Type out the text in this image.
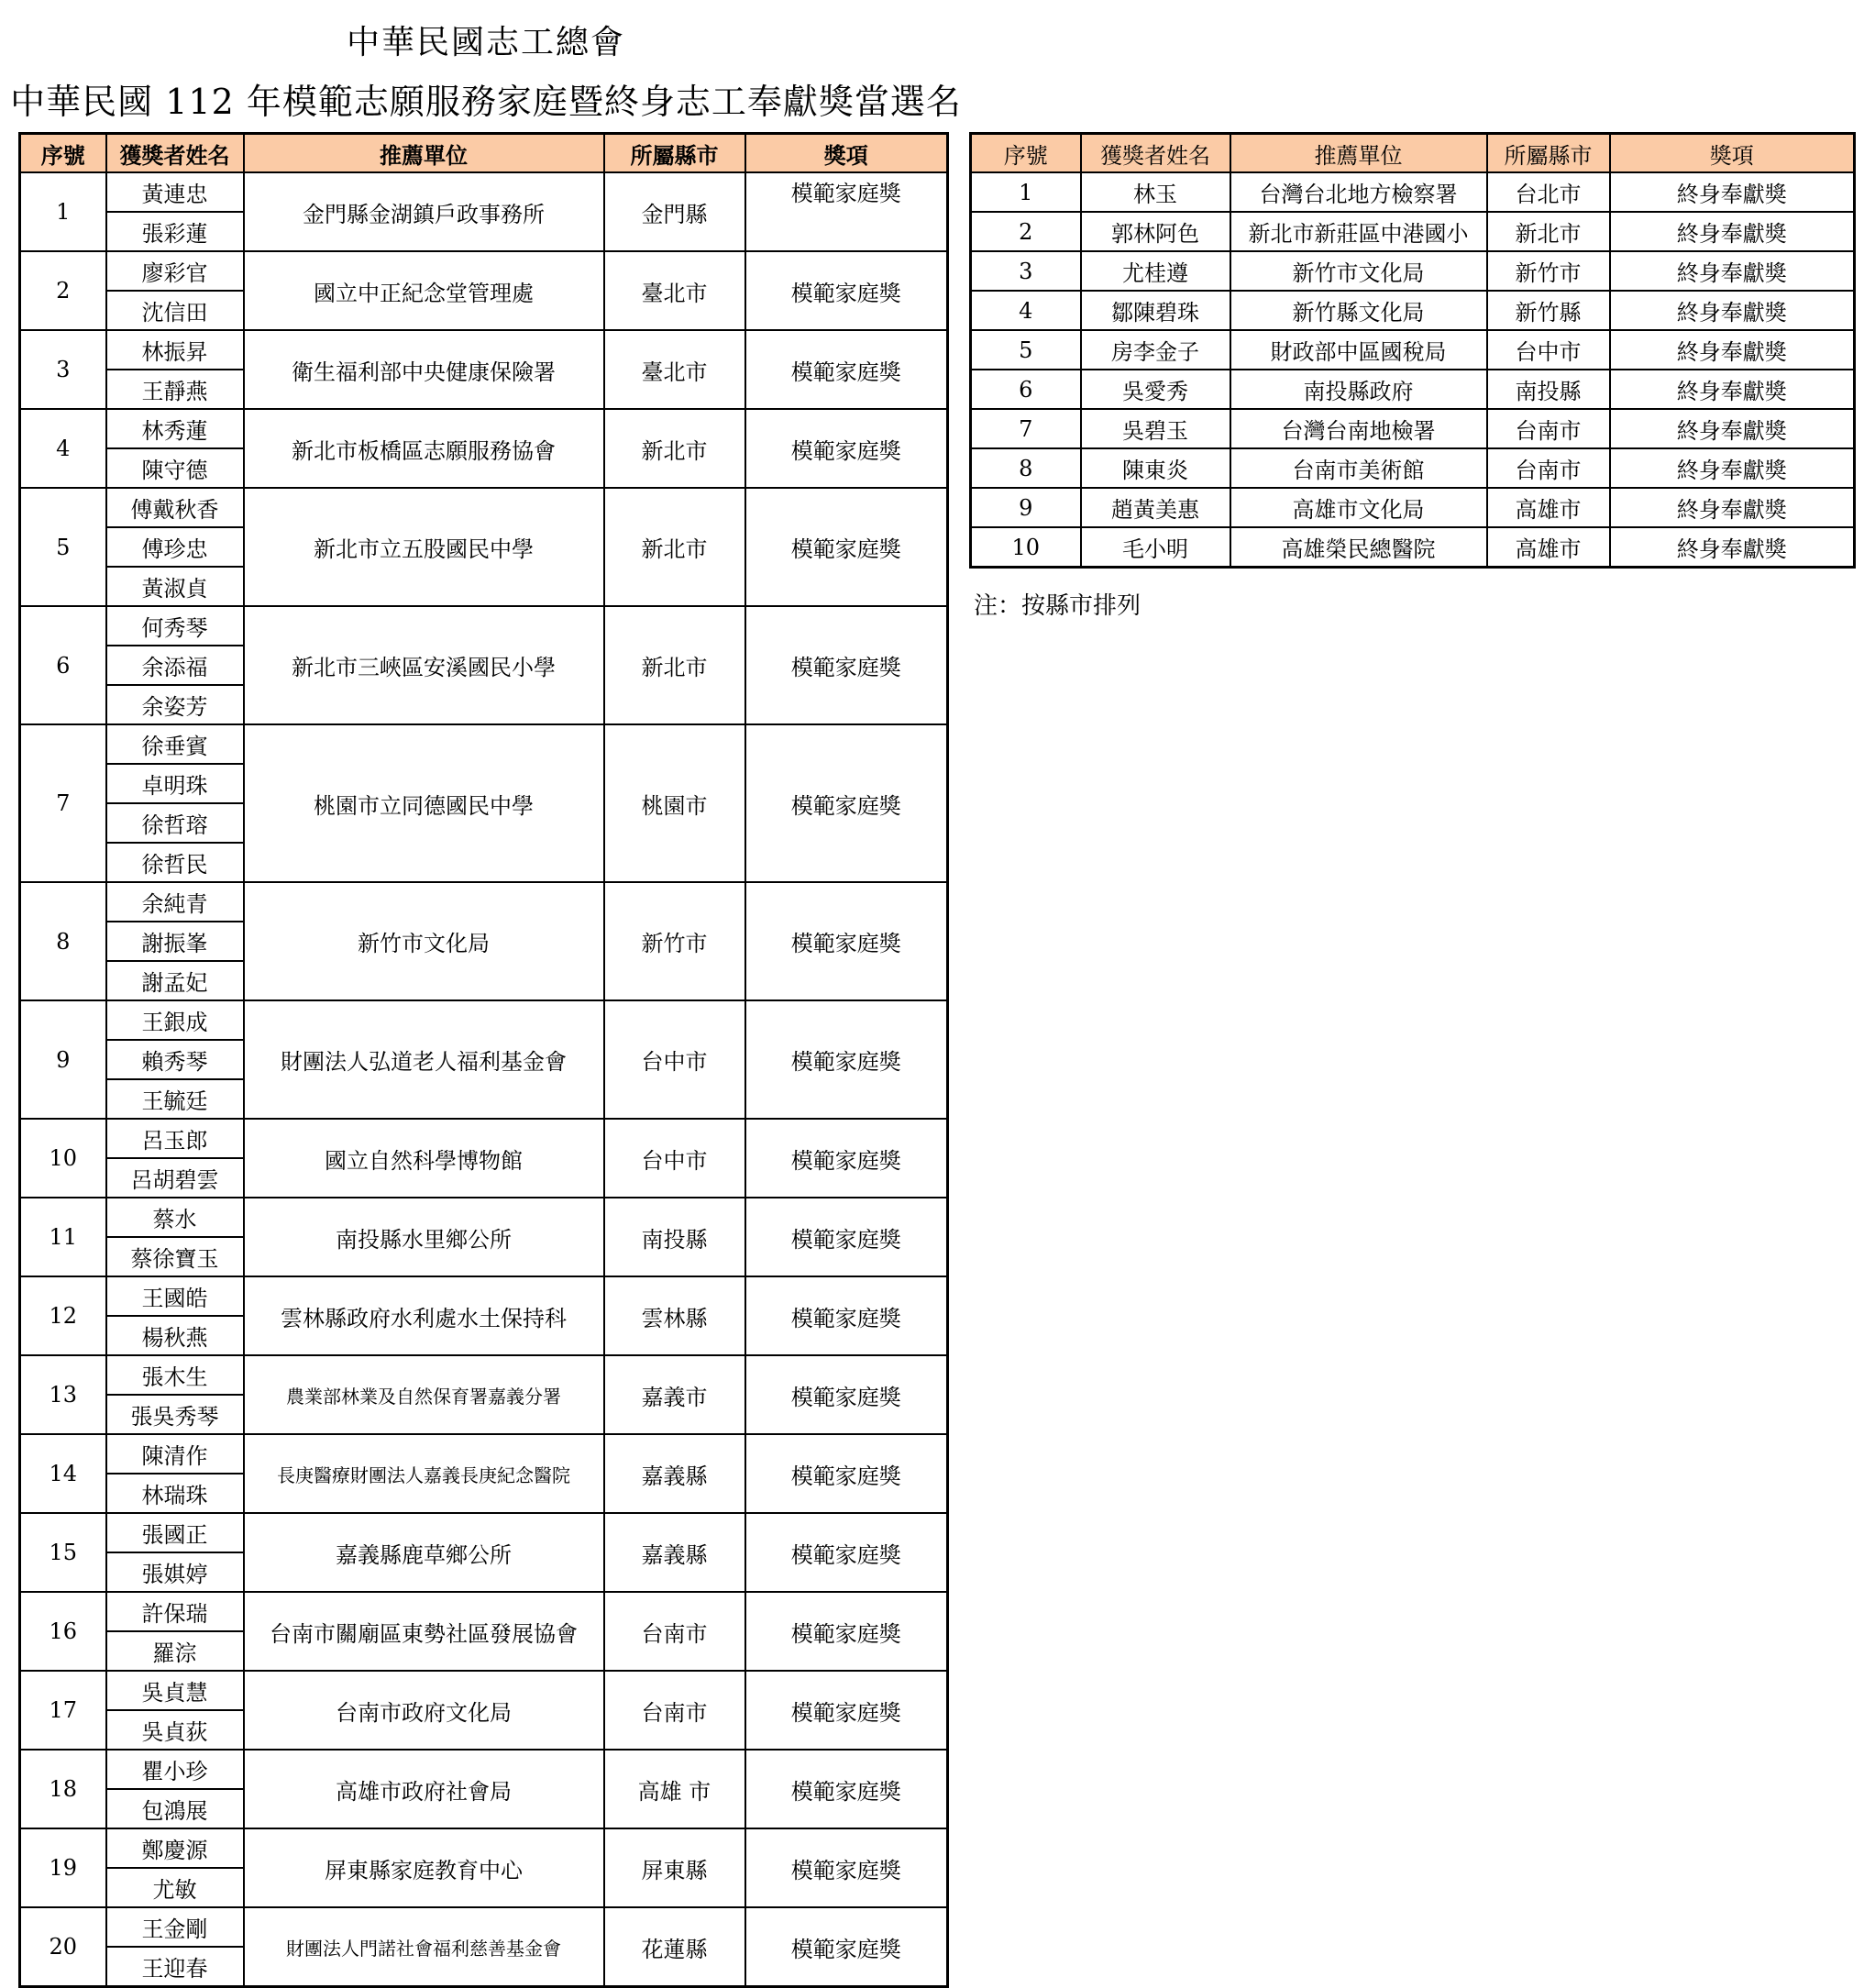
中華民國志工總會
中華民國 112 年模範志願服務家庭暨終身志工奉獻獎當選名
序號	獲獎者姓名	推薦單位	所屬縣市	獎項
1	黃連忠	金門縣金湖鎮戶政事務所	金門縣	模範家庭獎
	張彩蓮			
2	廖彩官	國立中正紀念堂管理處	臺北市	模範家庭獎
	沈信田			
3	林振昇	衛生福利部中央健康保險署	臺北市	模範家庭獎
	王靜燕			
4	林秀蓮	新北市板橋區志願服務協會	新北市	模範家庭獎
	陳守德			
5	傅戴秋香	新北市立五股國民中學	新北市	模範家庭獎
	傅珍忠			
	黃淑貞			
6	何秀琴	新北市三峽區安溪國民小學	新北市	模範家庭獎
	余添福			
	余姿芳			
7	徐垂賓	桃園市立同德國民中學	桃園市	模範家庭獎
	卓明珠			
	徐哲瑢			
	徐哲民			
8	余純青	新竹市文化局	新竹市	模範家庭獎
	謝振峯			
	謝孟妃			
9	王銀成	財團法人弘道老人福利基金會	台中市	模範家庭獎
	賴秀琴			
	王毓廷			
10	呂玉郎	國立自然科學博物館	台中市	模範家庭獎
	呂胡碧雲			
11	蔡水	南投縣水里鄉公所	南投縣	模範家庭獎
	蔡徐寶玉			
12	王國皓	雲林縣政府水利處水土保持科	雲林縣	模範家庭獎
	楊秋燕			
13	張木生	農業部林業及自然保育署嘉義分署	嘉義市	模範家庭獎
	張吳秀琴			
14	陳清作	長庚醫療財團法人嘉義長庚紀念醫院	嘉義縣	模範家庭獎
	林瑞珠			
15	張國正	嘉義縣鹿草鄉公所	嘉義縣	模範家庭獎
	張娸婷			
16	許保瑞	台南市關廟區東勢社區發展協會	台南市	模範家庭獎
	羅淙			
17	吳貞慧	台南市政府文化局	台南市	模範家庭獎
	吳貞荻			
18	瞿小珍	高雄市政府社會局	高雄 市	模範家庭獎
	包鴻展			
19	鄭慶源	屏東縣家庭教育中心	屏東縣	模範家庭獎
	尤敏			
20	王金剛	財團法人門諾社會福利慈善基金會	花蓮縣	模範家庭獎
	王迎春			
序號	獲獎者姓名	推薦單位	所屬縣市	獎項
1	林玉	台灣台北地方檢察署	台北市	終身奉獻獎
2	郭林阿色	新北市新莊區中港國小	新北市	終身奉獻獎
3	尤桂遵	新竹市文化局	新竹市	終身奉獻獎
4	鄒陳碧珠	新竹縣文化局	新竹縣	終身奉獻獎
5	房李金子	財政部中區國稅局	台中市	終身奉獻獎
6	吳愛秀	南投縣政府	南投縣	終身奉獻獎
7	吳碧玉	台灣台南地檢署	台南市	終身奉獻獎
8	陳東炎	台南市美術館	台南市	終身奉獻獎
9	趙黃美惠	高雄市文化局	高雄市	終身奉獻獎
10	毛小明	高雄榮民總醫院	高雄市	終身奉獻獎
注：按縣市排列
